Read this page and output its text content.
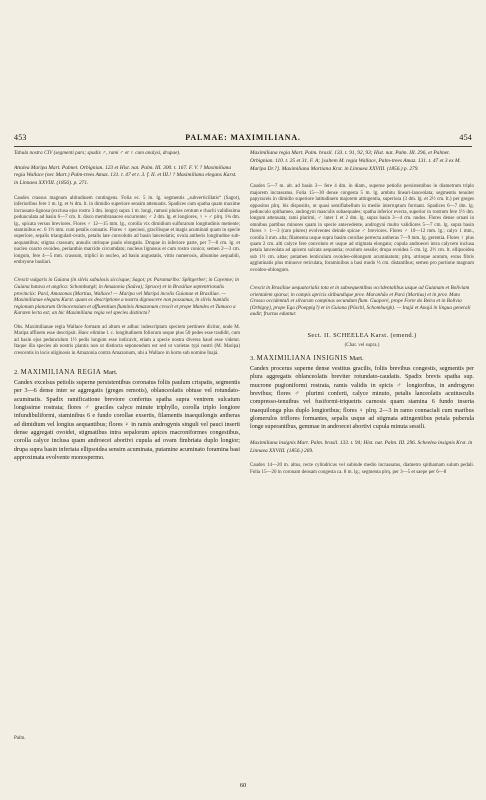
453	PALMAE: MAXIMILIANA.	454

Tabula nostra CIV (segmenti pars; spadix ♂, rami ♂ et ♀ cum analysi, drupae).

Attalea Maripa Mart. Palmet. Orbignian. 123 et Hist. nat. Palm. III. 300. t. 167. F. V. ? Maximiliana regia Wallace (nec Mart.) Palm-trees Amaz. 131. t. 47 et t. 3. f. II. et III.! ? Maximiliana elegans Karst. in Linnaea XXVIII. (1856). p. 271.

Caudex crassus magnum altitudinem contingens. Folia ec. 5 m. lg. segmentis „subverticillatis“ (Sagot), inferioribus fere 1 m. lg. et ¾ dm. lt. in dimidio superiore sensim attenuatis. Spadices cum spatha quam maxime incrassato-lignosa (exclusa ejus rostro 3 dm. longo) supra 1 m. longi, ramosi pluries centum e rhachi validissima pedunculata ad basin 6—7 cm. lt. disco membranaceo excurrente; ♂ 2 dm. lg. et longiores, ♀ + ♂ plrq. 1¾ dm. lg., spicata versus breviores. Flores ♂ 12—15 mm. lg., corolla vix dimidium sulfurarum longitudinis metiente; staminibus ec. 6 1½ mm. cum petalis connatis. Flores ♀ speciosi, gracilisque et magis acuminati quam in specie superiore, sepalis triangulari-ovatis, petalis late convolutis ad basin lanceolatis; ovula antheris longitudine sub-aequantibus; stigma crassum; annulis utrinque paulo elongatis. Drupae in inferiore parte, per 7—8 cm. lg. et nucleo coacto ovoideo, perianthio marcido circumdato; nucleus lignosus et cum rostro conico; semen 2—3 cm. longum, fere 4—5 mm. crassum, triplici in nucleo, ad basin angustatis, vittis numerosis, albumine aequabili, embryone basilari.

Crescit vulgaris in Guiana (in silvis sabulosis siccisque; Sagot; pr. Paramaribo: Splitgerber; in Cayenne; in Guiana batava et anglica: Schomburgk; in Amazonia (Saûva); Spruce) et in Brasiliae septentrionalis provinciis: Pará, Amazonas (Martius, Wallace! — Maripa vel Maripá incolis Guianae et Brasiliae. — Maximilianae elegans Karst. quam ex descriptione a nostra dignoscere non possumus, in silvis humidis regionum planarum Orinocensium et affluentium fluminis Amazonum crescit et prope Mandes et Tumaco a Karsten lecta est; an hic Maximiliana regia vel species distincta?

Obs. Maximilianae regia Wallace formam ad altum et adhuc indescriptam speciem pertinere dicitur, unde M. Maripa affinem esse descripsit. Hanc elimine l. c. longitudinem foliorum usque plus 50 pedes esse tradidit, cum ad basin ejus pedunculum 1½ pedis longum esse indicavit, etiam a specie nostra diversa haud esse videtur. Itaque illa species ab nostris plantis non ut distincta seponendum est sed ut varietas typi nostri (M. Maripa) crescentis in locis uliginosis in Amazonia contra Amazonum, ubi a Wallace in horto sub nomine Inajá.

2. MAXIMILIANA REGIA Mart.

Candex excelsus petiolis superne persistentibus coronatus foliis paulum crispatis, segmentis per 3—6 dense inter se aggregatis (greges remotis), oblanceolatis obtuse vel rotundato-acuminatis. Spadix ramificatione breviore confertus spatha supra ventrem sulcatum longissime rostrata; flores ♂ graciles calyce minute triphyllo, corolla triplo longiore infundibuliformi, staminibus 6 e fundo corollae exsertis, filamentis inaequilongis antheras ad dimidium vel longius aequantibus; flores ♀ in ramis androgynis singuli vel pauci inserti dense aggregati ovoidei, stigmatibus intra sepalorum apices macroniformes congestibus, corolla calyce inclusa quam androecei abortivi cupula ad ovam fimbriata duplo longior; drupa supra basin inferiata ellipsoidea sensim acuminata, putamine acuminato foramina basi approximata evolvente monospermo.

Palm.

Maximiliana regia Mart. Palm. brasil. 133. t. 91, 92, 93; Hist. nat. Palm. III. 296, et Palmet. Orbignian. 110. t. 25 et 31. F. A; [saltem M. regia Wallace, Palm-trees Amaz. 131. t. 47 et 3 ex M. Maripa Dr.?]. Maximiliana Martiana Krst. in Linnaea XXVIII. (1856.) p. 279.

Caudex 5—7 m. alt. ad basin 3— fere 4 dm. in diam., superne petiolis persistentibus in diametrum triplo majorem incrassatus. Folia 15—30 dense congesta 5 m. lg. ambitu lineari-lanceolata; segmentis tenuiter papyraceis in dimidio superiore latitudinem majorem attingentia, superiora (3 dm. lg. et 2½ cm. lt.) per greges oppositos plrq. bis dispositis, ut quasi semiflabellum in medio interruptum formant. Spadices 6—7 dm. lg. pedunculo spithameo, androgyni masculis subaequales; spatha inferior evecta, superior in rostrum fere 1½ dm. longum attenuata; rami plurimi, ♂ inter 1 et 2 dm. lg. supra basin 3—4 cm. nudos. Flores dense ornati in omnibus partibus minores quam in specie antecedente, androgyni multo validiores 5—7 cm. lg. supra basin flores ♀ 1—3 (raro plures) evolventes deinde spicae ♂ breviores. Flores ♂ 10—12 mm. lg.; calyx 1 mm., corolla 3 mm. alta; filamenta usque supra basim corollae perrecta antheras 7—9 mm. lg. gerentia. Flores ♀ plus quam 2 cm. alti calyce fere convoluto et usque ad stigmata elongato; cupula androecei intra calycem inclusa petala lanceolata ad apicem sulcata aequantia; ovarium sessile; drupa ovoidea 5 cm. lg. 2½ cm. lt. ellipsoidea sub 1½ cm. altae; putamen lenticulum ovoideo-oblongum acuminatum; plrq. utrinque acutum, extus fibris agglutinatis plus minusve reticulata, foraminibus a basi modo ⅓ cm. distantibus; semen pro portione magnum ovoideo-oblongum.

Crescit in Brasiliae aequatorialis tota et in subsequentibus occidentalibus usque ad Guianam et Boliviam orientalem sparsa; in campis apricis sitibundique prov. Maranhão et Pará (Martius) et in prov. Mato Grosso occidentali et silvarum campinas secundum flum. Guaporé, prope Forte do Beira et in Bolivia (Orbigny), prope Ega (Poeppig?) et in Guiana (Pöschl, Schomburgk). — Inajá et Anajá in lingua generali audit; fructus eduntur.

Sect. II. SCHEELEA Karst. (emend.)

(Char. vel supra.)

3. MAXIMILIANA INSIGNIS Mart.

Candex procerus superne dense vestitus gracilis, foliis brevibus congestis, segmentis per plura aggregatis oblanceolatis breviter rotundato-caudatis. Spadix brevis spatha sup. mucrone pugioniformi rostrata, ramis validis in spicis ♂ longioribus, in androgyno brevibus; flores ♂ plurimi conferti, calyce minuto, petalis lanceolatis acutiusculis compresso-tenuibus vel fusiformi-triquetris carnosis quam stamina 6 fundo inserta inaequilonga plus duplo longioribus; flores ♀ plrq. 2—3 in ramo connaciali cum maribus glomerulos triflores formantes, sepalis usque ad stigmata attingentibus petala puberula longe superantibus, gemmae in androecei abortivi cupula minuta sessili.

Maximiliana insignis Mart. Palm. brasil. 133. t. 94; Hist. nat. Palm. III. 296. Scheelea insignis Krst. in Linnaea XXVIII. (1856.) 269.

Caudex 14—20 m. altus, recte cylindricus vel subinde medio incrassatus, diametro spithamam sulum pedali. Folia 15—20 in coronam densam congesta ca. 8 m. lg.; segmenta plrq. per 3—5 et saepe per 6—8

60
